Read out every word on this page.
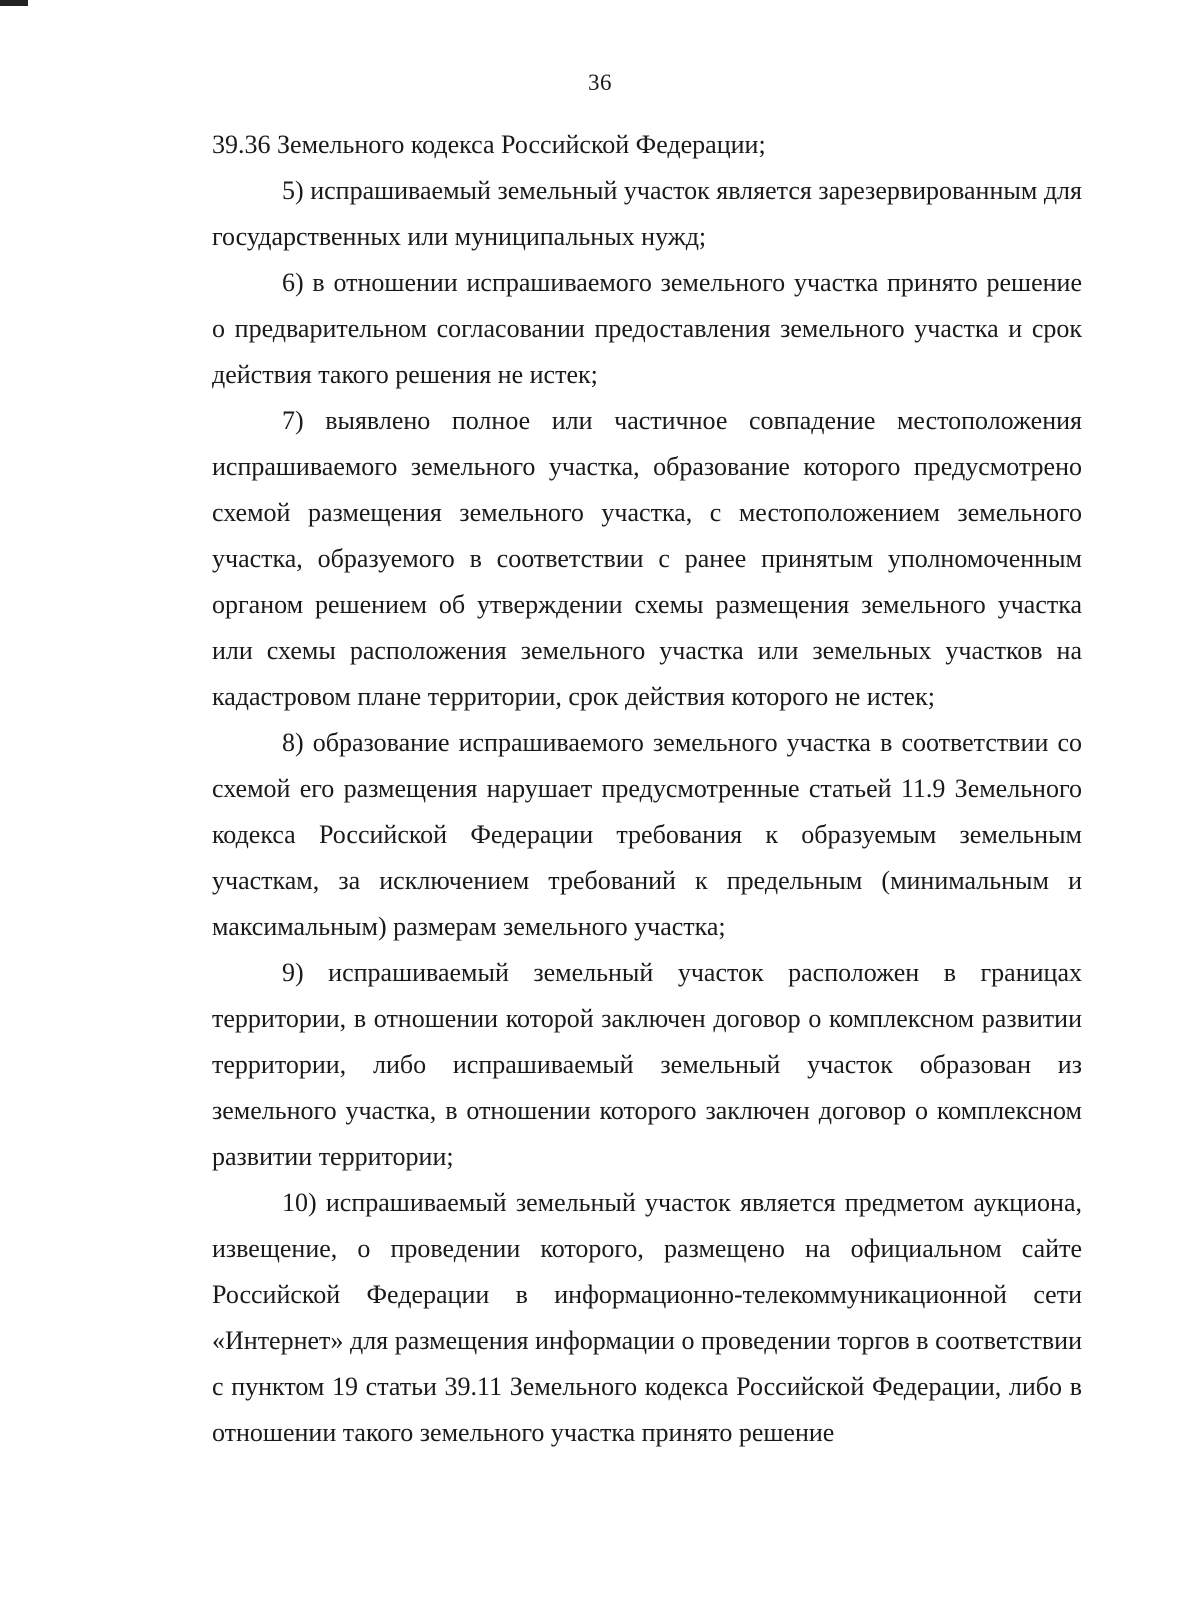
36

39.36 Земельного кодекса Российской Федерации;

5) испрашиваемый земельный участок является зарезервированным для государственных или муниципальных нужд;

6) в отношении испрашиваемого земельного участка принято решение о предварительном согласовании предоставления земельного участка и срок действия такого решения не истек;

7) выявлено полное или частичное совпадение местоположения испрашиваемого земельного участка, образование которого предусмотрено схемой размещения земельного участка, с местоположением земельного участка, образуемого в соответствии с ранее принятым уполномоченным органом решением об утверждении схемы размещения земельного участка или схемы расположения земельного участка или земельных участков на кадастровом плане территории, срок действия которого не истек;

8) образование испрашиваемого земельного участка в соответствии со схемой его размещения нарушает предусмотренные статьей 11.9 Земельного кодекса Российской Федерации требования к образуемым земельным участкам, за исключением требований к предельным (минимальным и максимальным) размерам земельного участка;

9) испрашиваемый земельный участок расположен в границах территории, в отношении которой заключен договор о комплексном развитии территории, либо испрашиваемый земельный участок образован из земельного участка, в отношении которого заключен договор о комплексном развитии территории;

10) испрашиваемый земельный участок является предметом аукциона, извещение, о проведении которого, размещено на официальном сайте Российской Федерации в информационно-телекоммуникационной сети «Интернет» для размещения информации о проведении торгов в соответствии с пунктом 19 статьи 39.11 Земельного кодекса Российской Федерации, либо в отношении такого земельного участка принято решение
